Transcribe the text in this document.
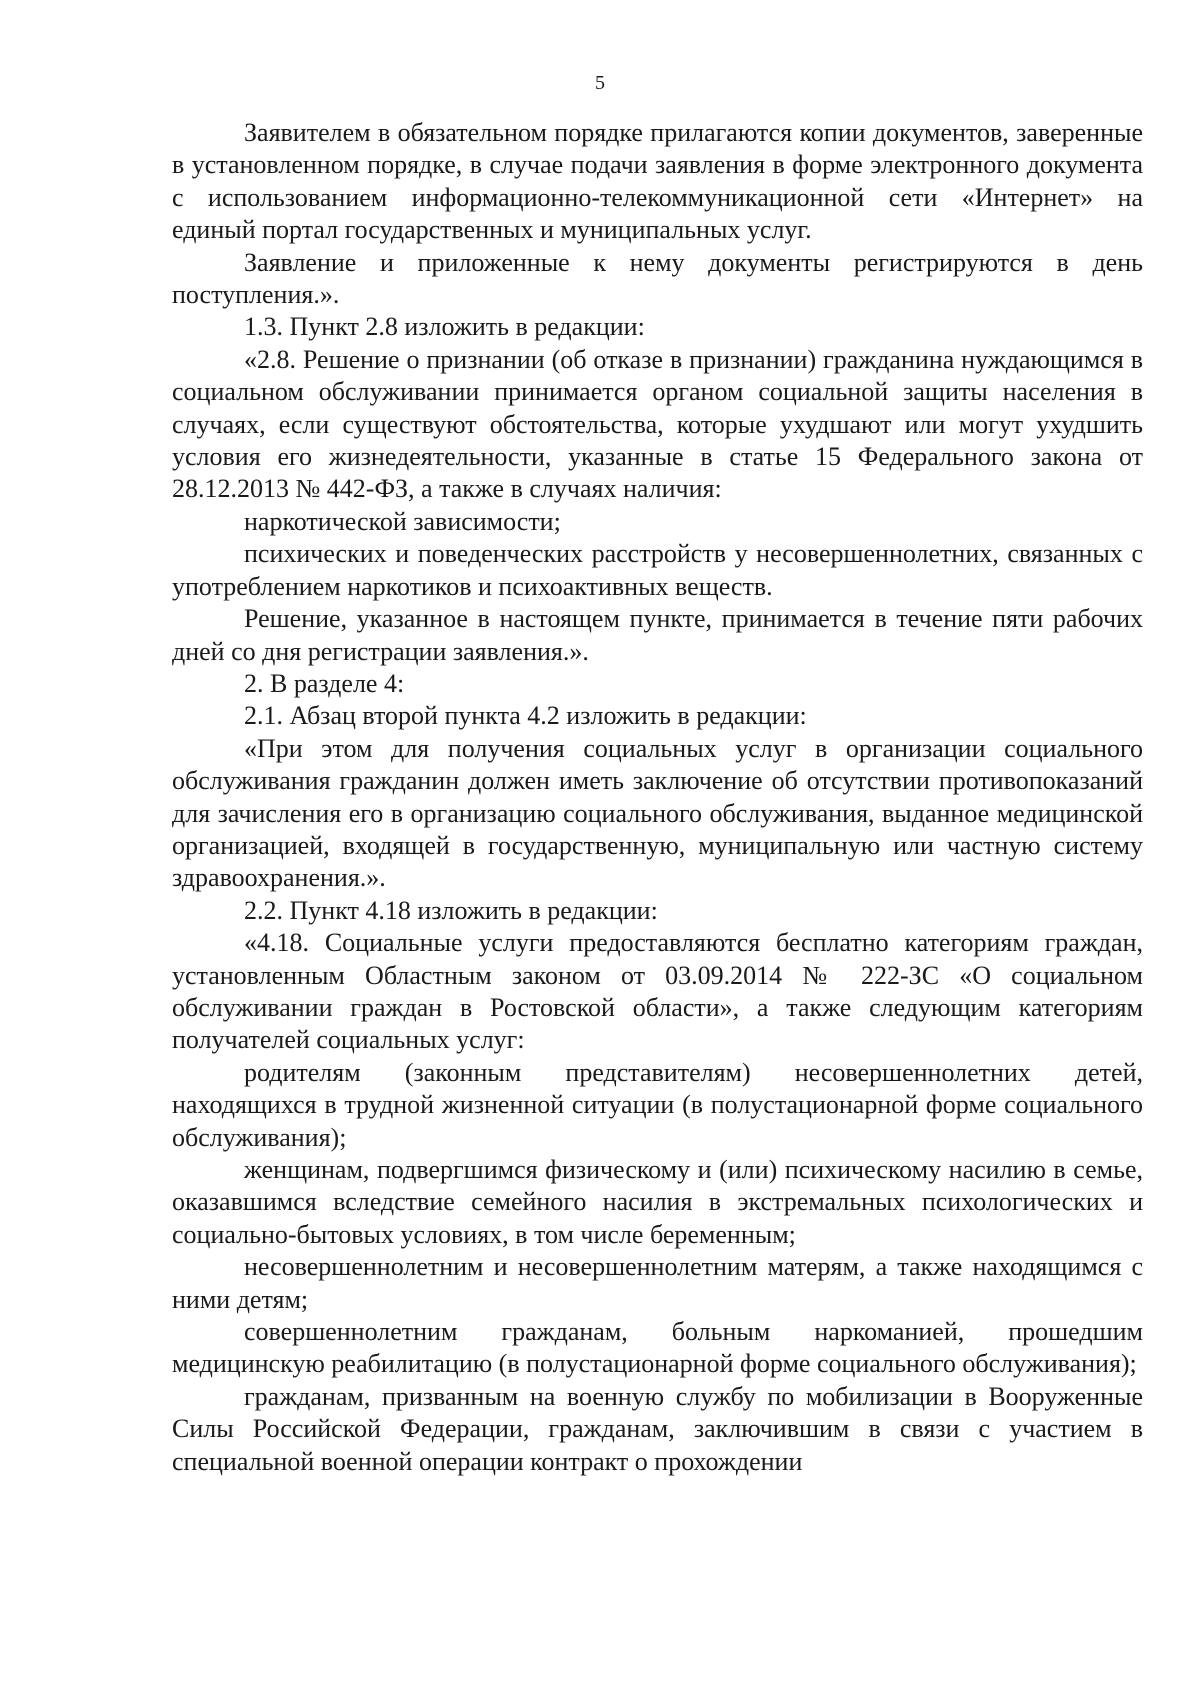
5

Заявителем в обязательном порядке прилагаются копии документов, заверенные в установленном порядке, в случае подачи заявления в форме электронного документа с использованием информационно-телекоммуникационной сети «Интернет» на единый портал государственных и муниципальных услуг.

Заявление и приложенные к нему документы регистрируются в день поступления.».

1.3. Пункт 2.8 изложить в редакции:

«2.8. Решение о признании (об отказе в признании) гражданина нуждающимся в социальном обслуживании принимается органом социальной защиты населения в случаях, если существуют обстоятельства, которые ухудшают или могут ухудшить условия его жизнедеятельности, указанные в статье 15 Федерального закона от 28.12.2013 № 442-ФЗ, а также в случаях наличия:

наркотической зависимости;

психических и поведенческих расстройств у несовершеннолетних, связанных с употреблением наркотиков и психоактивных веществ.

Решение, указанное в настоящем пункте, принимается в течение пяти рабочих дней со дня регистрации заявления.».

2. В разделе 4:

2.1. Абзац второй пункта 4.2 изложить в редакции:

«При этом для получения социальных услуг в организации социального обслуживания гражданин должен иметь заключение об отсутствии противопоказаний для зачисления его в организацию социального обслуживания, выданное медицинской организацией, входящей в государственную, муниципальную или частную систему здравоохранения.».

2.2. Пункт 4.18 изложить в редакции:

«4.18. Социальные услуги предоставляются бесплатно категориям граждан, установленным Областным законом от 03.09.2014 № 222-ЗС «О социальном обслуживании граждан в Ростовской области», а также следующим категориям получателей социальных услуг:

родителям (законным представителям) несовершеннолетних детей, находящихся в трудной жизненной ситуации (в полустационарной форме социального обслуживания);

женщинам, подвергшимся физическому и (или) психическому насилию в семье, оказавшимся вследствие семейного насилия в экстремальных психологических и социально-бытовых условиях, в том числе беременным;

несовершеннолетним и несовершеннолетним матерям, а также находящимся с ними детям;

совершеннолетним гражданам, больным наркоманией, прошедшим медицинскую реабилитацию (в полустационарной форме социального обслуживания);

гражданам, призванным на военную службу по мобилизации в Вооруженные Силы Российской Федерации, гражданам, заключившим в связи с участием в специальной военной операции контракт о прохождении
